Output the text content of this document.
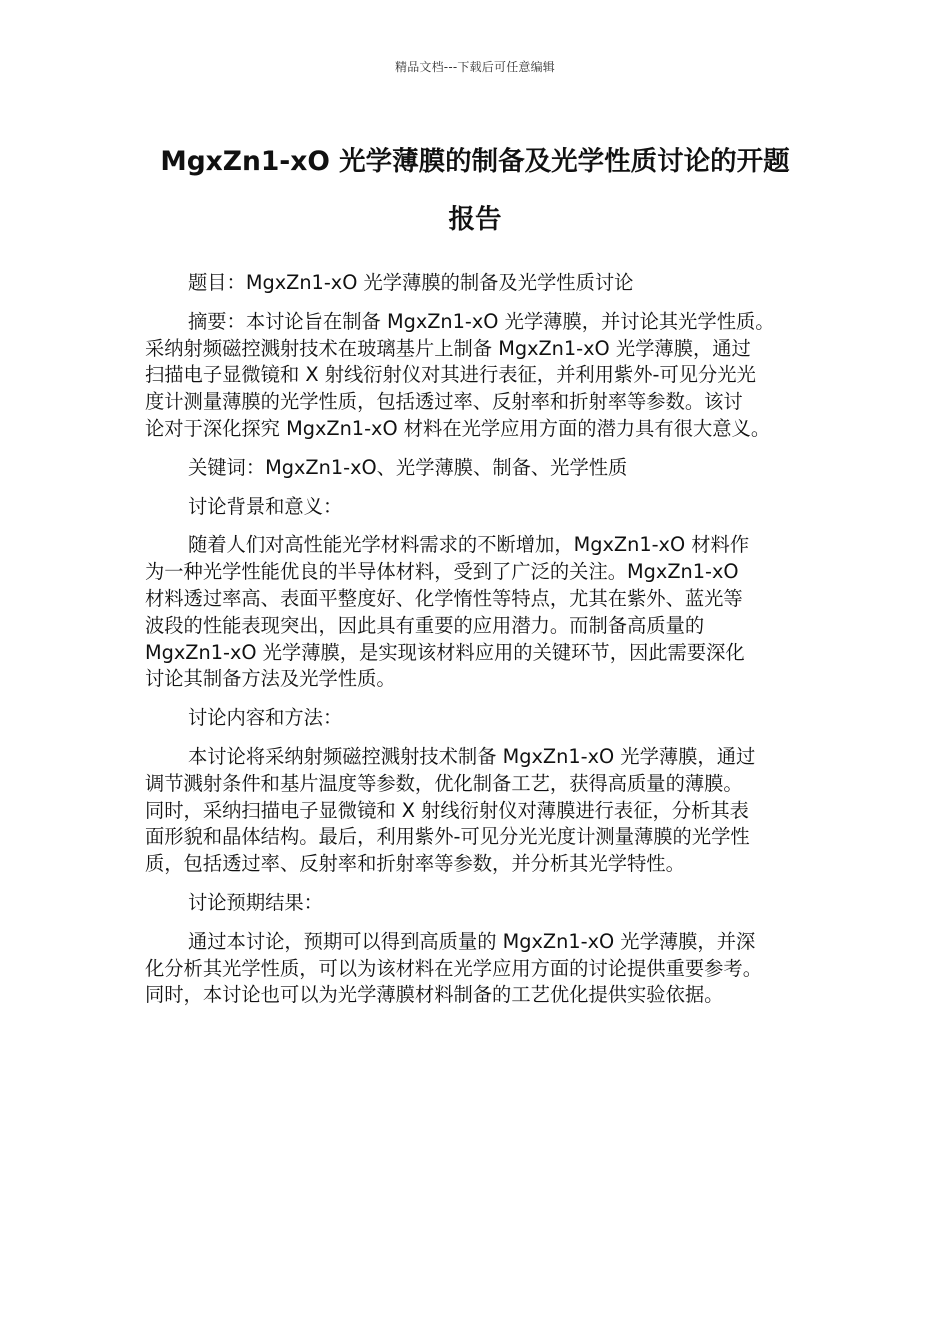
精品文档---下载后可任意编辑
MgxZn1-xO 光学薄膜的制备及光学性质讨论的开题
报告

题目：MgxZn1-xO 光学薄膜的制备及光学性质讨论

摘要：本讨论旨在制备 MgxZn1-xO 光学薄膜，并讨论其光学性质。
采纳射频磁控溅射技术在玻璃基片上制备 MgxZn1-xO 光学薄膜，通过
扫描电子显微镜和 X 射线衍射仪对其进行表征，并利用紫外-可见分光光
度计测量薄膜的光学性质，包括透过率、反射率和折射率等参数。该讨
论对于深化探究 MgxZn1-xO 材料在光学应用方面的潜力具有很大意义。

关键词：MgxZn1-xO、光学薄膜、制备、光学性质

讨论背景和意义：

随着人们对高性能光学材料需求的不断增加，MgxZn1-xO 材料作
为一种光学性能优良的半导体材料，受到了广泛的关注。MgxZn1-xO
材料透过率高、表面平整度好、化学惰性等特点，尤其在紫外、蓝光等
波段的性能表现突出，因此具有重要的应用潜力。而制备高质量的
MgxZn1-xO 光学薄膜，是实现该材料应用的关键环节，因此需要深化
讨论其制备方法及光学性质。

讨论内容和方法：

本讨论将采纳射频磁控溅射技术制备 MgxZn1-xO 光学薄膜，通过
调节溅射条件和基片温度等参数，优化制备工艺，获得高质量的薄膜。
同时，采纳扫描电子显微镜和 X 射线衍射仪对薄膜进行表征，分析其表
面形貌和晶体结构。最后，利用紫外-可见分光光度计测量薄膜的光学性
质，包括透过率、反射率和折射率等参数，并分析其光学特性。

讨论预期结果：

通过本讨论，预期可以得到高质量的 MgxZn1-xO 光学薄膜，并深
化分析其光学性质，可以为该材料在光学应用方面的讨论提供重要参考。
同时，本讨论也可以为光学薄膜材料制备的工艺优化提供实验依据。
